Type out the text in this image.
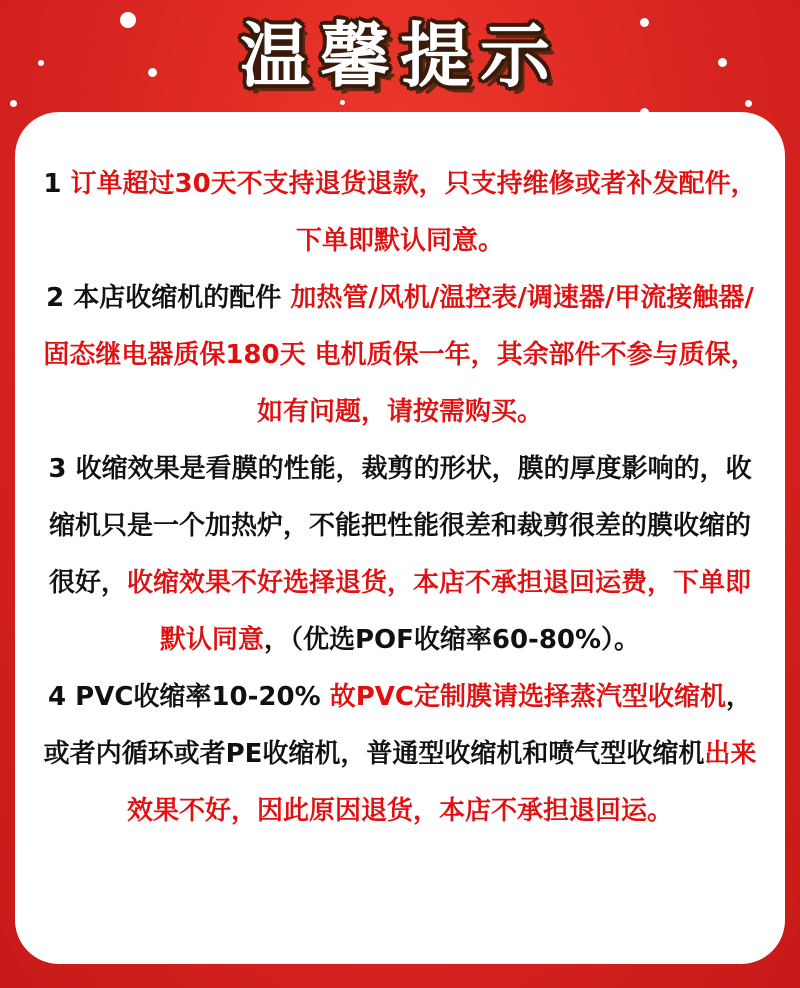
温馨提示

1 订单超过30天不支持退货退款，只支持维修或者补发配件，下单即默认同意。

2 本店收缩机的配件 加热管/风机/温控表/调速器/甲流接触器/固态继电器质保180天 电机质保一年，其余部件不参与质保，如有问题，请按需购买。

3 收缩效果是看膜的性能，裁剪的形状，膜的厚度影响的，收缩机只是一个加热炉，不能把性能很差和裁剪很差的膜收缩的很好，收缩效果不好选择退货，本店不承担退回运费，下单即默认同意，（优选POF收缩率60-80%）。

4 PVC收缩率10-20% 故PVC定制膜请选择蒸汽型收缩机，或者内循环或者PE收缩机，普通型收缩机和喷气型收缩机出来效果不好，因此原因退货，本店不承担退回运。
